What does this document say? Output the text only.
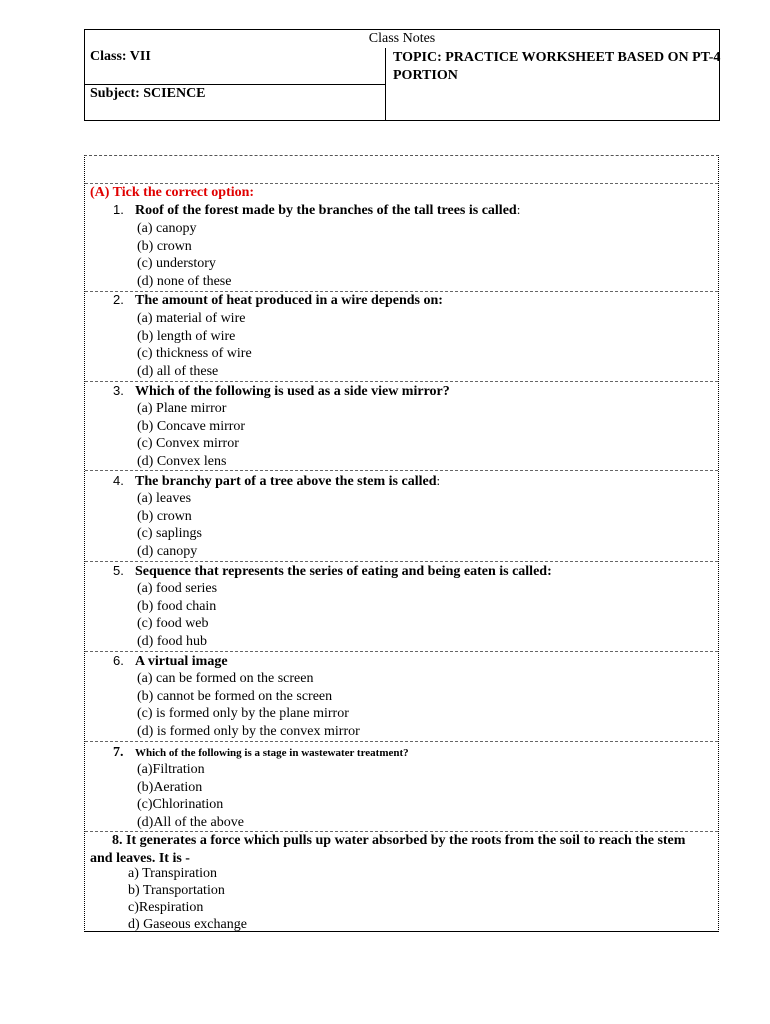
Class Notes
Class: VII
Subject: SCIENCE
TOPIC: PRACTICE WORKSHEET BASED ON PT-4 PORTION
(A) Tick the correct option:
1. Roof of the forest made by the branches of the tall trees is called:
(a) canopy
(b) crown
(c) understory
(d) none of these
2. The amount of heat produced in a wire depends on:
(a) material of wire
(b) length of wire
(c) thickness of wire
(d) all of these
3. Which of the following is used as a side view mirror?
(a) Plane mirror
(b) Concave mirror
(c) Convex mirror
(d) Convex lens
4. The branchy part of a tree above the stem is called:
(a) leaves
(b) crown
(c) saplings
(d) canopy
5. Sequence that represents the series of eating and being eaten is called:
(a) food series
(b) food chain
(c) food web
(d) food hub
6. A virtual image
(a) can be formed on the screen
(b) cannot be formed on the screen
(c) is formed only by the plane mirror
(d) is formed only by the convex mirror
7. Which of the following is a stage in wastewater treatment?
(a)Filtration
(b)Aeration
(c)Chlorination
(d)All of the above
8. It generates a force which pulls up water absorbed by the roots from the soil to reach the stem and leaves. It is -
a) Transpiration
b) Transportation
c)Respiration
d) Gaseous exchange
